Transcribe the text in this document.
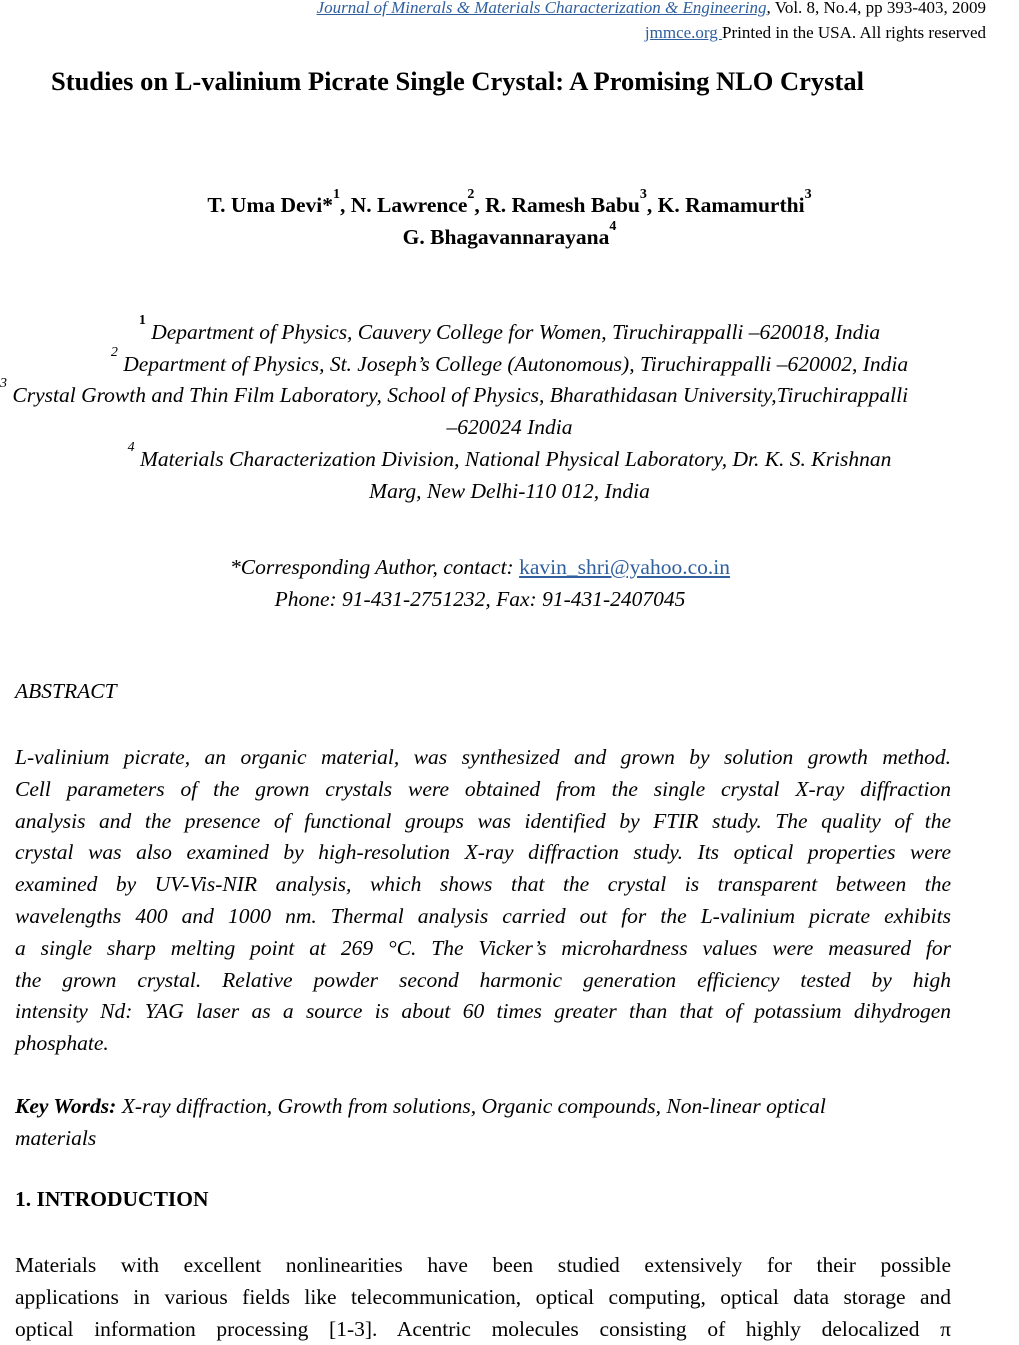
Journal of Minerals & Materials Characterization & Engineering, Vol. 8, No.4, pp 393-403, 2009
jmmce.org Printed in the USA. All rights reserved
Studies on L-valinium Picrate Single Crystal: A Promising NLO Crystal
T. Uma Devi*$^1$, N. Lawrence$^2$, R. Ramesh Babu$^3$, K. Ramamurthi$^3$
G. Bhagavannarayana$^4$
$^1$ Department of Physics, Cauvery College for Women, Tiruchirappalli –620018, India
$^2$ Department of Physics, St. Joseph’s College (Autonomous), Tiruchirappalli –620002, India
$^3$ Crystal Growth and Thin Film Laboratory, School of Physics, Bharathidasan University,Tiruchirappalli
–620024 India
$^4$ Materials Characterization Division, National Physical Laboratory, Dr. K. S. Krishnan
Marg, New Delhi-110 012, India
*Corresponding Author, contact: kavin_shri@yahoo.co.in
Phone: 91-431-2751232, Fax: 91-431-2407045
ABSTRACT
L-valinium picrate, an organic material, was synthesized and grown by solution growth method.
Cell parameters of the grown crystals were obtained from the single crystal X-ray diffraction
analysis and the presence of functional groups was identified by FTIR study. The quality of the
crystal was also examined by high-resolution X-ray diffraction study. Its optical properties were
examined by UV-Vis-NIR analysis, which shows that the crystal is transparent between the
wavelengths 400 and 1000 nm. Thermal analysis carried out for the L-valinium picrate exhibits
a single sharp melting point at 269 °C. The Vicker’s microhardness values were measured for
the grown crystal. Relative powder second harmonic generation efficiency tested by high
intensity Nd: YAG laser as a source is about 60 times greater than that of potassium dihydrogen
phosphate.
Key Words: X-ray diffraction, Growth from solutions, Organic compounds, Non-linear optical
materials
1. INTRODUCTION
Materials with excellent nonlinearities have been studied extensively for their possible
applications in various fields like telecommunication, optical computing, optical data storage and
optical information processing [1-3]. Acentric molecules consisting of highly delocalized π
